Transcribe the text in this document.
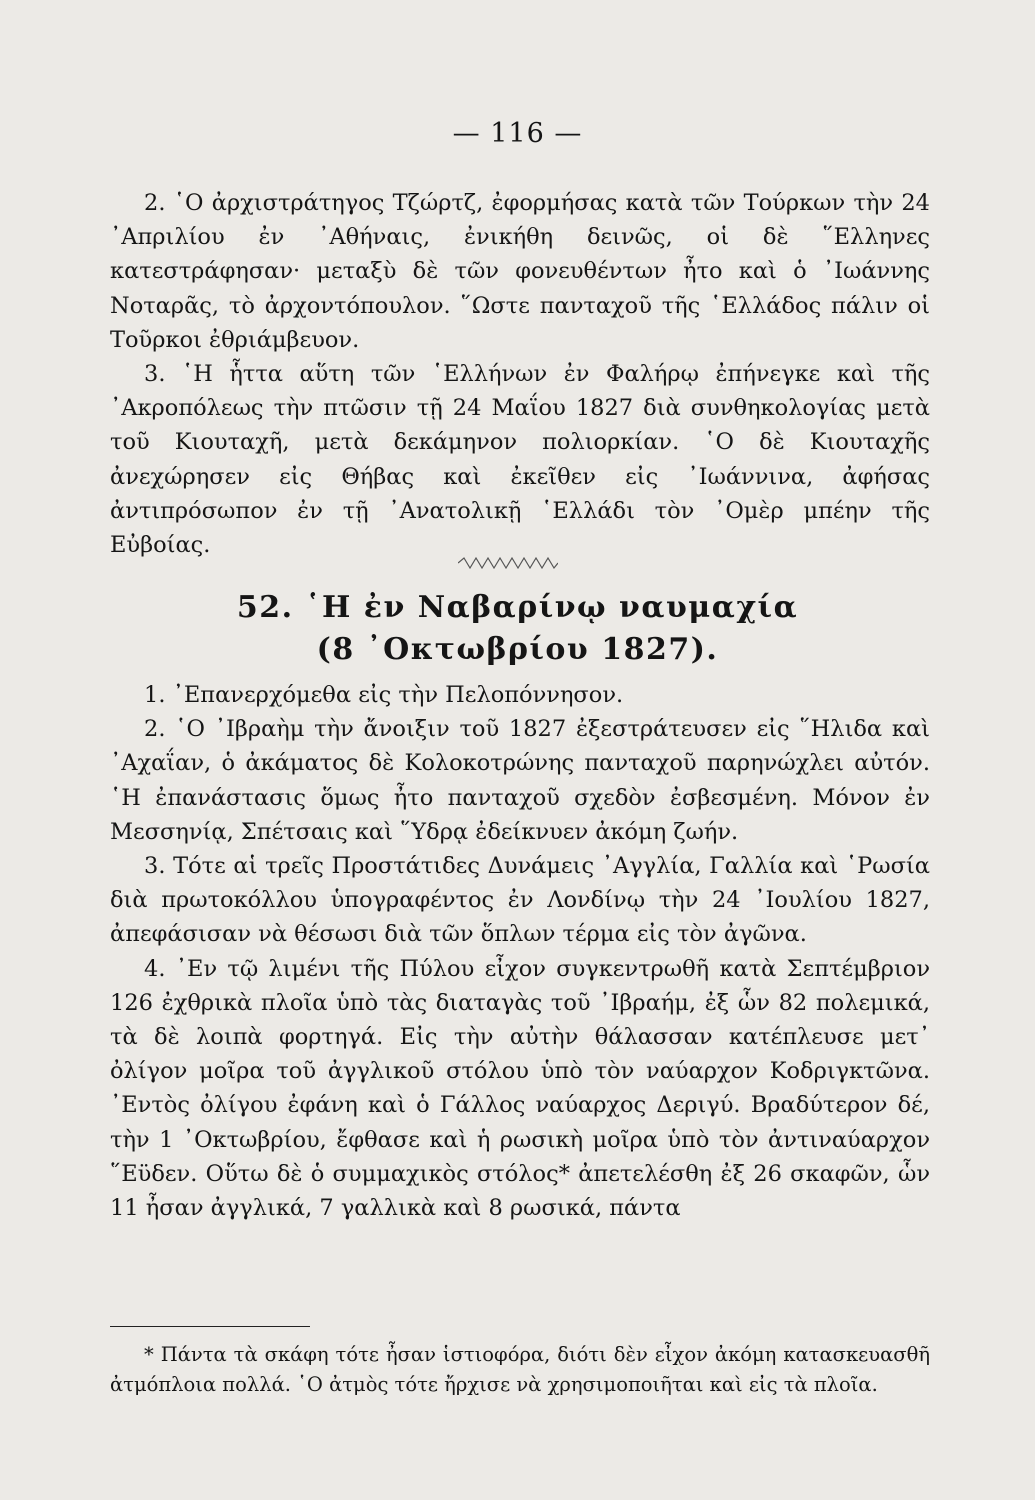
— 116 —

2. ῾Ο ἀρχιστράτηγος Τζώρτζ, ἐφορμήσας κατὰ τῶν Τούρκων τὴν 24 ᾿Απριλίου ἐν ᾿Αθήναις, ἐνικήθη δεινῶς, οἱ δὲ ῞Ελληνες κατεστράφησαν· μεταξὺ δὲ τῶν φονευθέντων ἦτο καὶ ὁ ᾿Ιωάννης Νοταρᾶς, τὸ ἀρχοντόπουλον. ῞Ωστε πανταχοῦ τῆς ῾Ελλάδος πάλιν οἱ Τοῦρκοι ἐθριάμβευον.

3. ῾Η ἧττα αὕτη τῶν ῾Ελλήνων ἐν Φαλήρῳ ἐπήνεγκε καὶ τῆς ᾿Ακροπόλεως τὴν πτῶσιν τῇ 24 Μαΐου 1827 διὰ συνθηκολογίας μετὰ τοῦ Κιουταχῆ, μετὰ δεκάμηνον πολιορκίαν. ῾Ο δὲ Κιουταχῆς ἀνεχώρησεν εἰς Θήβας καὶ ἐκεῖθεν εἰς ᾿Ιωάννινα, ἀφήσας ἀντιπρόσωπον ἐν τῇ ᾿Ανατολικῇ ῾Ελλάδι τὸν ᾿Ομὲρ μπέην τῆς Εὐβοίας.

52. ῾Η ἐν Ναβαρίνῳ ναυμαχία
(8 ᾿Οκτωβρίου 1827).

1. ᾿Επανερχόμεθα εἰς τὴν Πελοπόννησον.

2. ῾Ο ᾿Ιβραὴμ τὴν ἄνοιξιν τοῦ 1827 ἐξεστράτευσεν εἰς ῞Ηλιδα καὶ ᾿Αχαΐαν, ὁ ἀκάματος δὲ Κολοκοτρώνης πανταχοῦ παρηνώχλει αὐτόν. ῾Η ἐπανάστασις ὅμως ἦτο πανταχοῦ σχεδὸν ἐσβεσμένη. Μόνον ἐν Μεσσηνίᾳ, Σπέτσαις καὶ ῞Υδρᾳ ἐδείκνυεν ἀκόμη ζωήν.

3. Τότε αἱ τρεῖς Προστάτιδες Δυνάμεις ᾿Αγγλία, Γαλλία καὶ ῾Ρωσία διὰ πρωτοκόλλου ὑπογραφέντος ἐν Λονδίνῳ τὴν 24 ᾿Ιουλίου 1827, ἀπεφάσισαν νὰ θέσωσι διὰ τῶν ὅπλων τέρμα εἰς τὸν ἀγῶνα.

4. ᾿Εν τῷ λιμένι τῆς Πύλου εἶχον συγκεντρωθῆ κατὰ Σεπτέμβριον 126 ἐχθρικὰ πλοῖα ὑπὸ τὰς διαταγὰς τοῦ ᾿Ιβραήμ, ἐξ ὧν 82 πολεμικά, τὰ δὲ λοιπὰ φορτηγά. Εἰς τὴν αὐτὴν θάλασσαν κατέπλευσε μετ᾿ ὀλίγον μοῖρα τοῦ ἀγγλικοῦ στόλου ὑπὸ τὸν ναύαρχον Κοδριγκτῶνα. ᾿Εντὸς ὀλίγου ἐφάνη καὶ ὁ Γάλλος ναύαρχος Δεριγύ. Βραδύτερον δέ, τὴν 1 ᾿Οκτωβρίου, ἔφθασε καὶ ἡ ρωσικὴ μοῖρα ὑπὸ τὸν ἀντιναύαρχον ῞Εϋδεν. Οὕτω δὲ ὁ συμμαχικὸς στόλος* ἀπετελέσθη ἐξ 26 σκαφῶν, ὧν 11 ἦσαν ἀγγλικά, 7 γαλλικὰ καὶ 8 ρωσικά, πάντα

* Πάντα τὰ σκάφη τότε ἦσαν ἱστιοφόρα, διότι δὲν εἶχον ἀκόμη κατασκευασθῆ ἀτμόπλοια πολλά. ῾Ο ἀτμὸς τότε ἤρχισε νὰ χρησιμοποιῆται καὶ εἰς τὰ πλοῖα.
